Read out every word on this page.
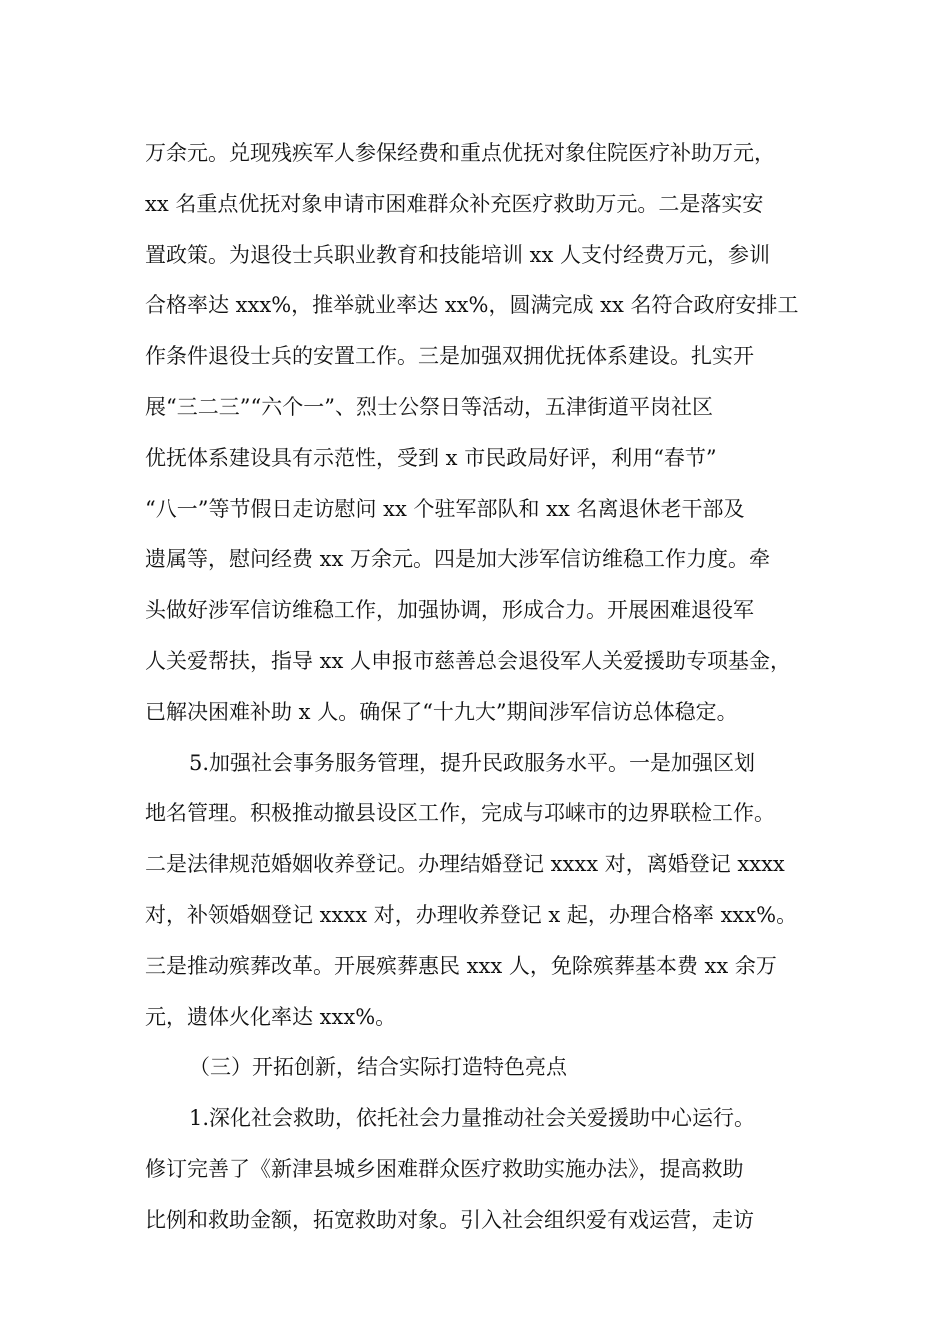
万余元。兑现残疾军人参保经费和重点优抚对象住院医疗补助万元，
xx 名重点优抚对象申请市困难群众补充医疗救助万元。二是落实安
置政策。为退役士兵职业教育和技能培训 xx 人支付经费万元，参训
合格率达 xxx%，推举就业率达 xx%，圆满完成 xx 名符合政府安排工
作条件退役士兵的安置工作。三是加强双拥优抚体系建设。扎实开
展“三二三”“六个一”、烈士公祭日等活动，五津街道平岗社区
优抚体系建设具有示范性，受到 x 市民政局好评，利用“春节”
“八一”等节假日走访慰问 xx 个驻军部队和 xx 名离退休老干部及
遗属等，慰问经费 xx 万余元。四是加大涉军信访维稳工作力度。牵
头做好涉军信访维稳工作，加强协调，形成合力。开展困难退役军
人关爱帮扶，指导 xx 人申报市慈善总会退役军人关爱援助专项基金，
已解决困难补助 x 人。确保了“十九大”期间涉军信访总体稳定。
5.加强社会事务服务管理，提升民政服务水平。一是加强区划
地名管理。积极推动撤县设区工作，完成与邛崃市的边界联检工作。
二是法律规范婚姻收养登记。办理结婚登记 xxxx 对，离婚登记 xxxx
对，补领婚姻登记 xxxx 对，办理收养登记 x 起，办理合格率 xxx%。
三是推动殡葬改革。开展殡葬惠民 xxx 人，免除殡葬基本费 xx 余万
元，遗体火化率达 xxx%。
（三）开拓创新，结合实际打造特色亮点
1.深化社会救助，依托社会力量推动社会关爱援助中心运行。
修订完善了《新津县城乡困难群众医疗救助实施办法》，提高救助
比例和救助金额，拓宽救助对象。引入社会组织爱有戏运营，走访
